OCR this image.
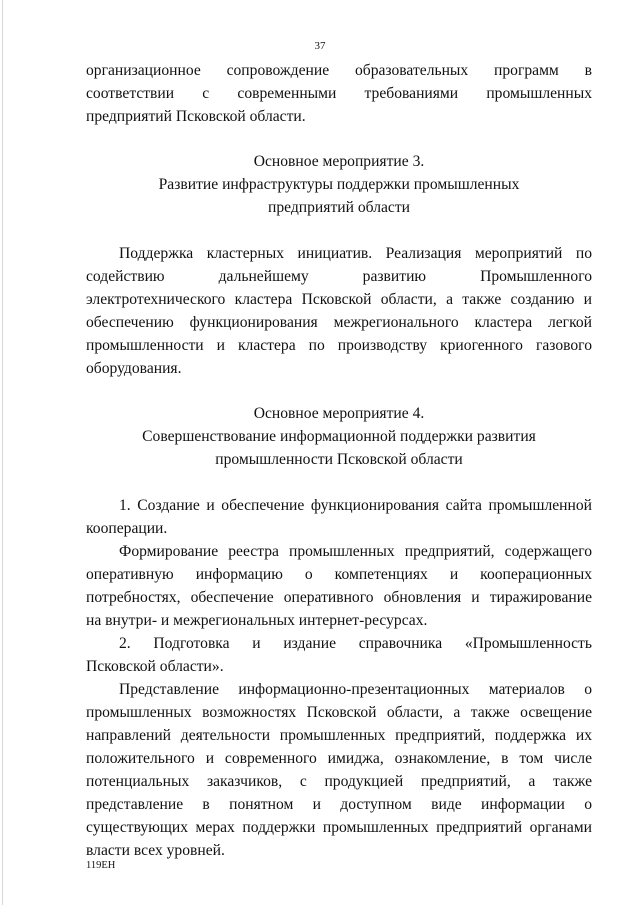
37
организационное сопровождение образовательных программ в
соответствии с современными требованиями промышленных
предприятий Псковской области.
Основное мероприятие 3.
Развитие инфраструктуры поддержки промышленных
предприятий области
Поддержка кластерных инициатив. Реализация мероприятий по
содействию дальнейшему развитию Промышленного
электротехнического кластера Псковской области, а также созданию и
обеспечению функционирования межрегионального кластера легкой
промышленности и кластера по производству криогенного газового
оборудования.
Основное мероприятие 4.
Совершенствование информационной поддержки развития
промышленности Псковской области
1. Создание и обеспечение функционирования сайта промышленной
кооперации.
Формирование реестра промышленных предприятий, содержащего
оперативную информацию о компетенциях и кооперационных
потребностях, обеспечение оперативного обновления и тиражирование
на внутри- и межрегиональных интернет-ресурсах.
2. Подготовка и издание справочника «Промышленность
Псковской области».
Представление информационно-презентационных материалов о
промышленных возможностях Псковской области, а также освещение
направлений деятельности промышленных предприятий, поддержка их
положительного и современного имиджа, ознакомление, в том числе
потенциальных заказчиков, с продукцией предприятий, а также
представление в понятном и доступном виде информации о
существующих мерах поддержки промышленных предприятий органами
власти всех уровней.
119EH
